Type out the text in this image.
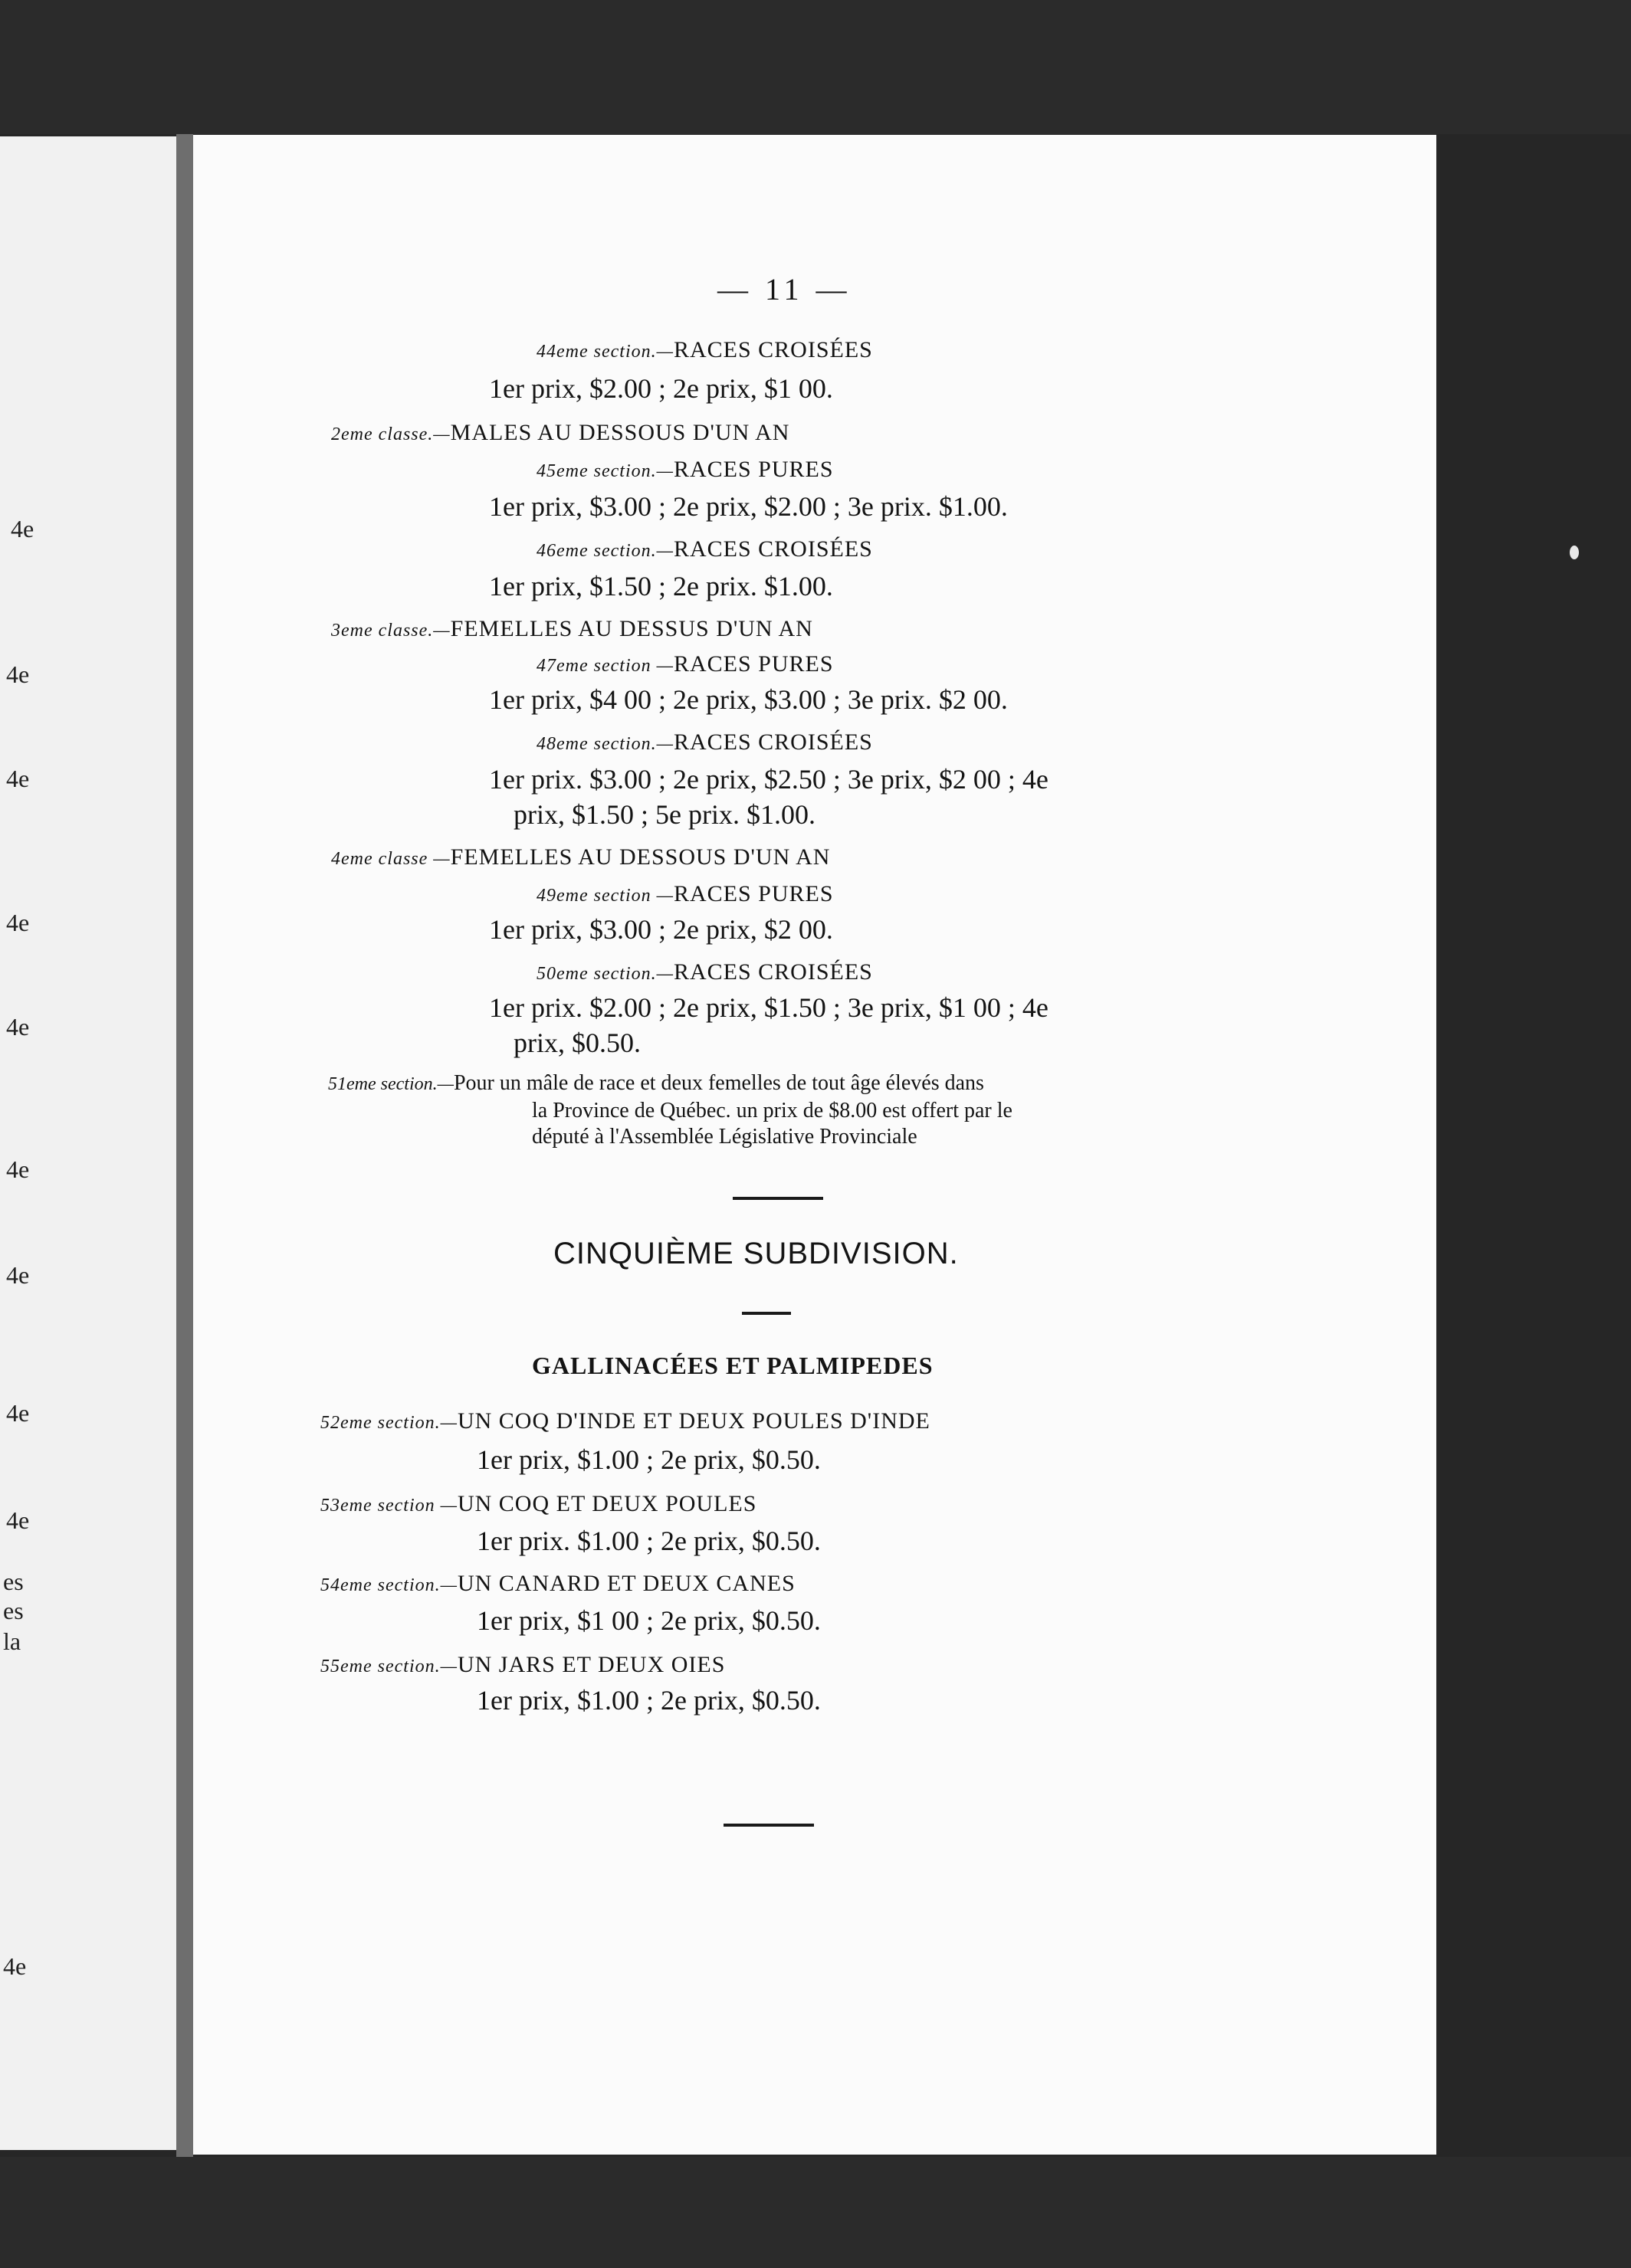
4e
4e
4e
4e
4e
4e
4e
4e
4e
es
es
la
4e
— 11 —
44eme section.—RACES CROISÉES
1er prix, $2.00 ; 2e prix, $1 00.
2eme classe.—MALES AU DESSOUS D'UN AN
45eme section.—RACES PURES
1er prix, $3.00 ; 2e prix, $2.00 ; 3e prix. $1.00.
46eme section.—RACES CROISÉES
1er prix, $1.50 ; 2e prix. $1.00.
3eme classe.—FEMELLES AU DESSUS D'UN AN
47eme section —RACES PURES
1er prix, $4 00 ; 2e prix, $3.00 ; 3e prix. $2 00.
48eme section.—RACES CROISÉES
1er prix. $3.00 ; 2e prix, $2.50 ; 3e prix, $2 00 ; 4e
prix, $1.50 ; 5e prix. $1.00.
4eme classe —FEMELLES AU DESSOUS D'UN AN
49eme section —RACES PURES
1er prix, $3.00 ; 2e prix, $2 00.
50eme section.—RACES CROISÉES
1er prix. $2.00 ; 2e prix, $1.50 ; 3e prix, $1 00 ; 4e
prix, $0.50.
51eme section.—Pour un mâle de race et deux femelles de tout âge élevés dans
la Province de Québec. un prix de $8.00 est offert par le
député à l'Assemblée Législative Provinciale
CINQUIÈME SUBDIVISION.
GALLINACÉES ET PALMIPEDES
52eme section.—UN COQ D'INDE ET DEUX POULES D'INDE
1er prix, $1.00 ; 2e prix, $0.50.
53eme section —UN COQ ET DEUX POULES
1er prix. $1.00 ; 2e prix, $0.50.
54eme section.—UN CANARD ET DEUX CANES
1er prix, $1 00 ; 2e prix, $0.50.
55eme section.—UN JARS ET DEUX OIES
1er prix, $1.00 ; 2e prix, $0.50.
